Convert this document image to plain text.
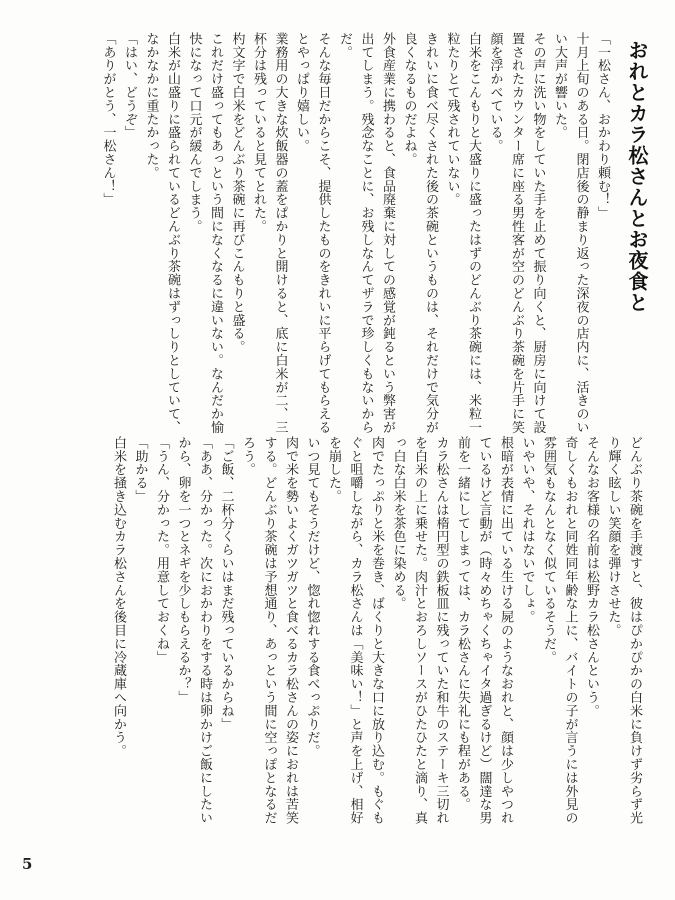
おれとカラ松さんとお夜食と

「一松さん、おかわり頼む！」

十月上旬のある日。閉店後の静まり返った深夜の店内に、活きのいい大声が響いた。

その声に洗い物をしていた手を止めて振り向くと、厨房に向けて設置されたカウンター席に座る男性客が空のどんぶり茶碗を片手に笑顔を浮かべている。

白米をこんもりと大盛りに盛ったはずのどんぶり茶碗には、米粒一粒たりとて残されていない。

きれいに食べ尽くされた後の茶碗というものは、それだけで気分が良くなるものだよね。

外食産業に携わると、食品廃棄に対しての感覚が鈍るという弊害が出てしまう。残念なことに、お残しなんてザラで珍しくもないからだ。

そんな毎日だからこそ、提供したものをきれいに平らげてもらえるとやっぱり嬉しい。

業務用の大きな炊飯器の蓋をぱかりと開けると、底に白米が二、三杯分は残っていると見てとれた。

杓文字で白米をどんぶり茶碗に再びこんもりと盛る。

これだけ盛ってもあっという間になくなるに違いない。なんだか愉快になって口元が緩んでしまう。

白米が山盛りに盛られているどんぶり茶碗はずっしりとしていて、なかなかに重たかった。

「はい、どうぞ」

「ありがとう、一松さん！」

どんぶり茶碗を手渡すと、彼はぴかぴかの白米に負けず劣らず光り輝く眩しい笑顔を弾けさせた。

そんなお客様の名前は松野カラ松さんという。

奇しくもおれと同姓同年齢な上に、バイトの子が言うには外見の雰囲気もなんとなく似ているそうだ。

いやいや、それはないでしょ。

根暗が表情に出ている生ける屍のようなおれと、顔は少しやつれているけど言動が（時々めちゃくちゃイタ過ぎるけど）闊達な男前を一緒にしてしまっては、カラ松さんに失礼にも程がある。

カラ松さんは楕円型の鉄板皿に残っていた和牛のステーキ三切れを白米の上に乗せた。肉汁とおろしソースがひたひたと滴り、真っ白な白米を茶色に染める。

肉でたっぷりと米を巻き、ばくりと大きな口に放り込む。もぐもぐと咀嚼しながら、カラ松さんは「美味い！」と声を上げ、相好を崩した。

いつ見てもそうだけど、惚れ惚れする食べっぷりだ。

肉で米を勢いよくガツガツと食べるカラ松さんの姿におれは苦笑する。どんぶり茶碗は予想通り、あっという間に空っぽとなるだろう。

「ご飯、二杯分くらいはまだ残っているからね」

「ああ、分かった。次におかわりをする時は卵かけご飯にしたいから、卵を一つとネギを少しもらえるか？」

「うん、分かった。用意しておくね」

「助かる」

白米を掻き込むカラ松さんを後目に冷蔵庫へ向かう。

5
